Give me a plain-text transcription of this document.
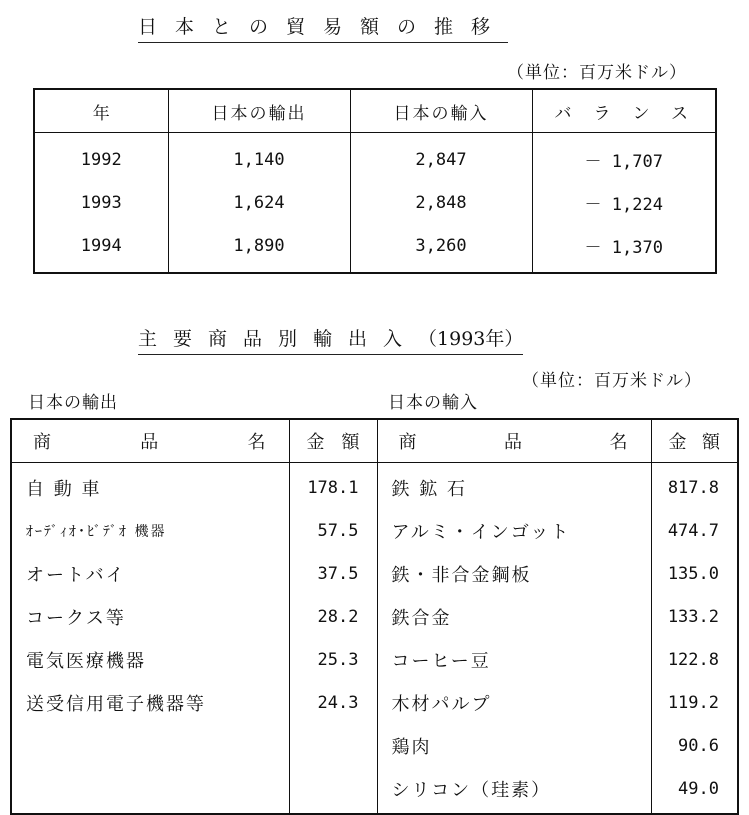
日本との貿易額の推移
（単位：百万米ドル）
年	日本の輸出	日本の輸入	バランス
1992	1,140	2,847	－ 1,707
1993	1,624	2,848	－ 1,224
1994	1,890	3,260	－ 1,370
主要商品別輸出入（1993年）
（単位：百万米ドル）
日本の輸出	日本の輸入
商 品 名	金 額	商 品 名	金 額

自 動 車	178.1	鉄 鉱 石	817.8
ｵｰﾃﾞｨｵ･ﾋﾞﾃﾞｵ 機器	57.5	アルミ・インゴット	474.7
オートバイ	37.5	鉄・非合金鋼板	135.0
コークス等	28.2	鉄合金	133.2
電気医療機器	25.3	コーヒー豆	122.8
送受信用電子機器等	24.3	木材パルプ	119.2
		鶏肉	90.6
		シリコン（珪素）	49.0
